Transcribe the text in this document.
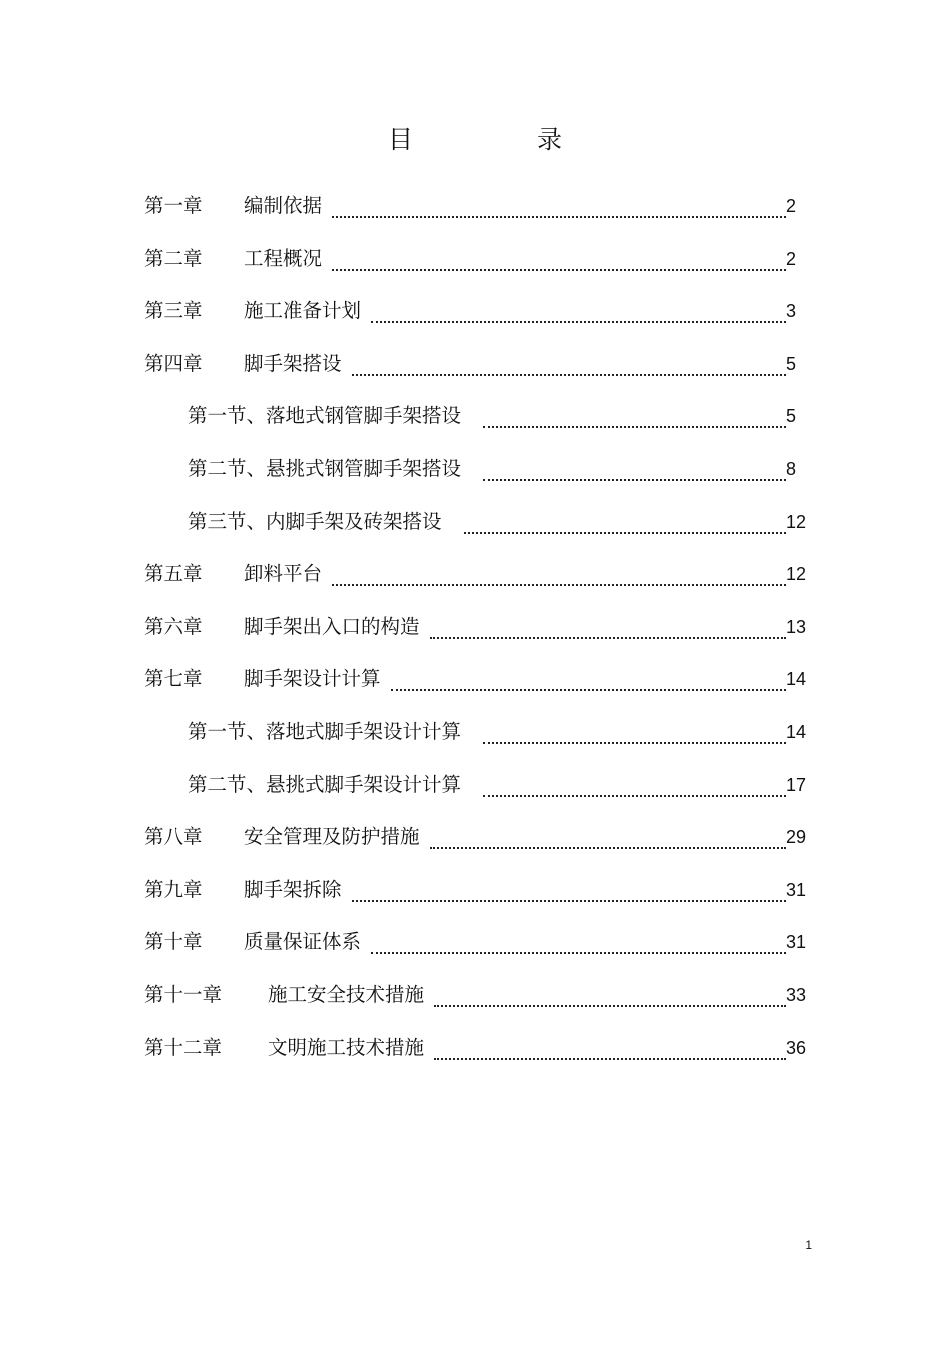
目 录
第一章	编制依据	2
第二章	工程概况	2
第三章	施工准备计划	3
第四章	脚手架搭设	5
第一节、落地式钢管脚手架搭设	5
第二节、悬挑式钢管脚手架搭设	8
第三节、内脚手架及砖架搭设	12
第五章	卸料平台	12
第六章	脚手架出入口的构造	13
第七章	脚手架设计计算	14
第一节、落地式脚手架设计计算	14
第二节、悬挑式脚手架设计计算	17
第八章	安全管理及防护措施	29
第九章	脚手架拆除	31
第十章	质量保证体系	31
第十一章	施工安全技术措施	33
第十二章	文明施工技术措施	36
1
